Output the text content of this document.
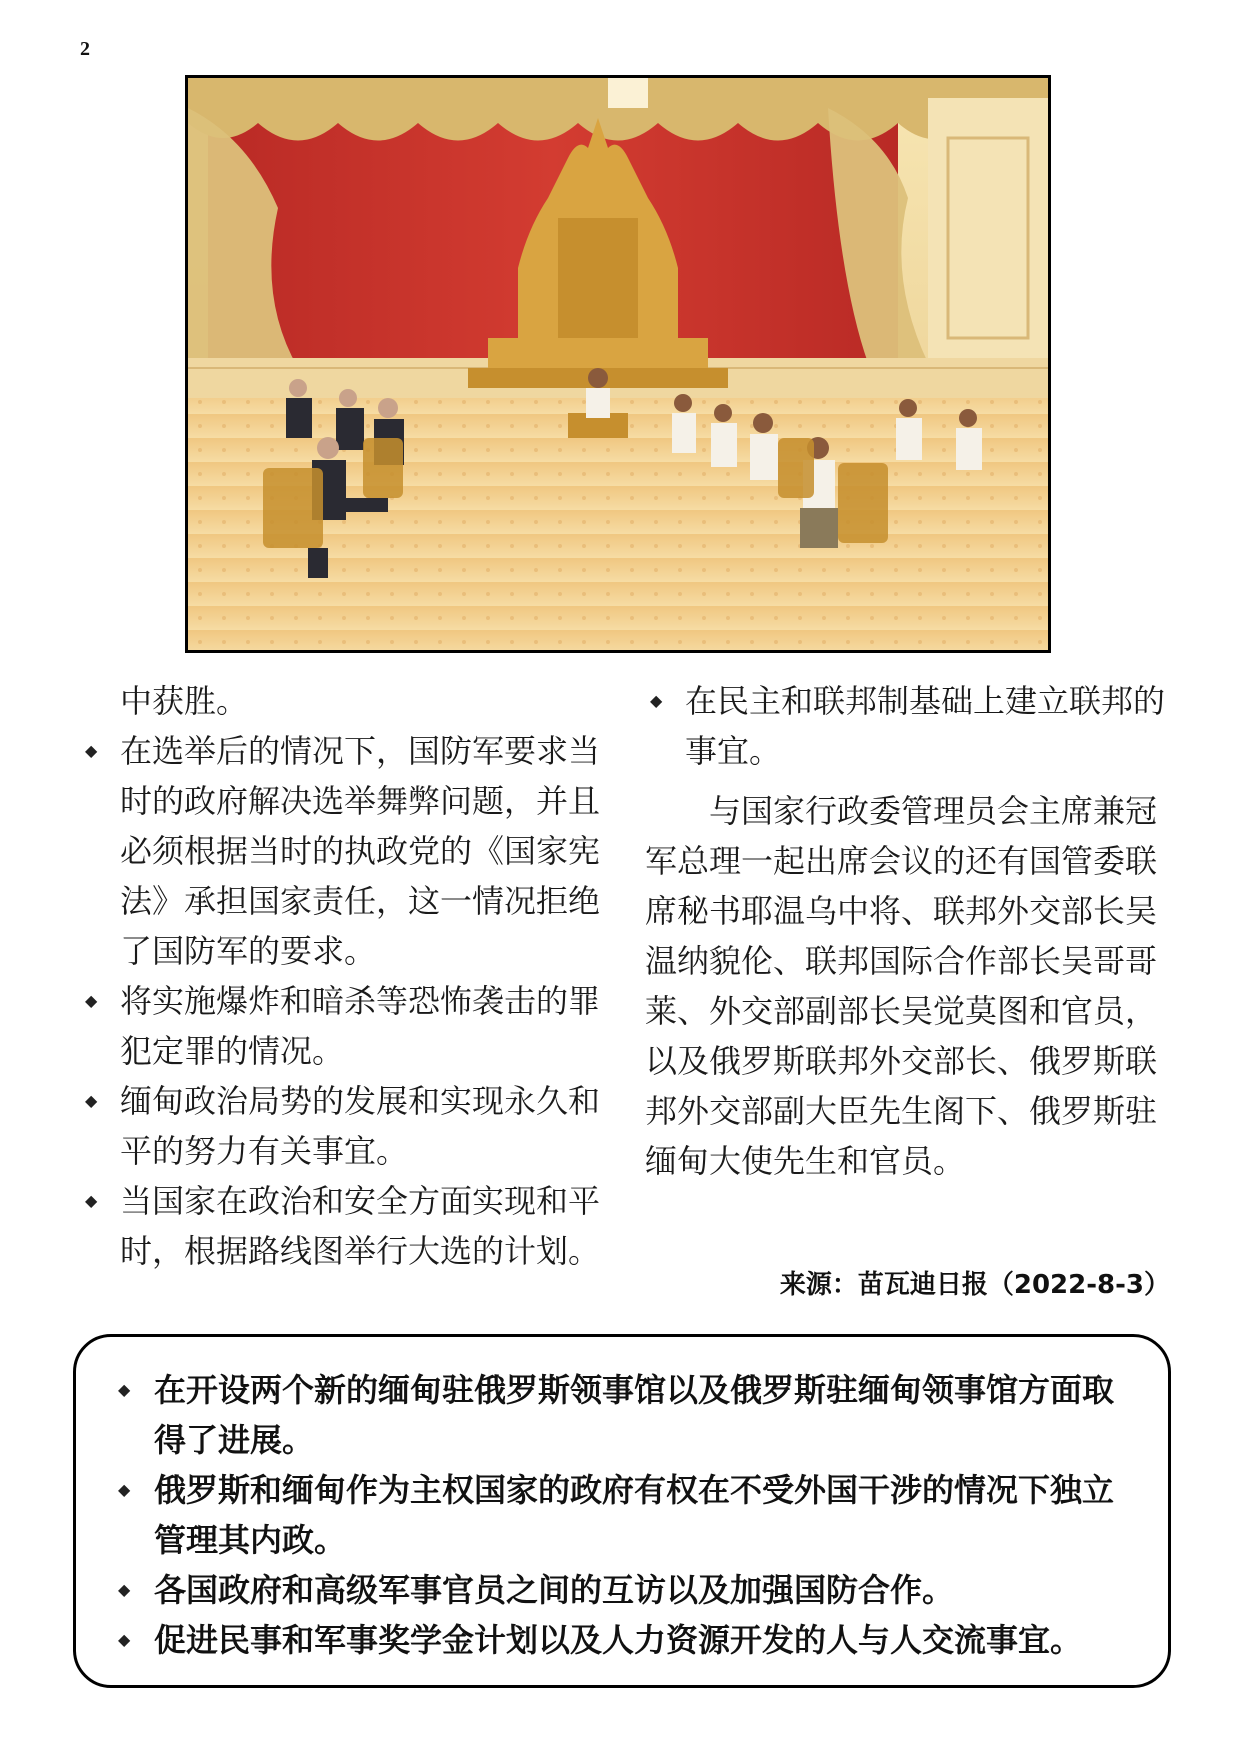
2
中获胜。
◆ 在选举后的情况下，国防军要求当时的政府解决选举舞弊问题，并且必须根据当时的执政党的《国家宪法》承担国家责任，这一情况拒绝了国防军的要求。
◆ 将实施爆炸和暗杀等恐怖袭击的罪犯定罪的情况。
◆ 缅甸政治局势的发展和实现永久和平的努力有关事宜。
◆ 当国家在政治和安全方面实现和平时，根据路线图举行大选的计划。
◆ 在民主和联邦制基础上建立联邦的事宜。
与国家行政委管理员会主席兼冠军总理一起出席会议的还有国管委联席秘书耶温乌中将、联邦外交部长吴温纳貌伦、联邦国际合作部长吴哥哥莱、外交部副部长吴觉莫图和官员，以及俄罗斯联邦外交部长、俄罗斯联邦外交部副大臣先生阁下、俄罗斯驻缅甸大使先生和官员。
来源：苗瓦迪日报（2022-8-3）
◆ 在开设两个新的缅甸驻俄罗斯领事馆以及俄罗斯驻缅甸领事馆方面取得了进展。
◆ 俄罗斯和缅甸作为主权国家的政府有权在不受外国干涉的情况下独立管理其内政。
◆ 各国政府和高级军事官员之间的互访以及加强国防合作。
◆ 促进民事和军事奖学金计划以及人力资源开发的人与人交流事宜。
